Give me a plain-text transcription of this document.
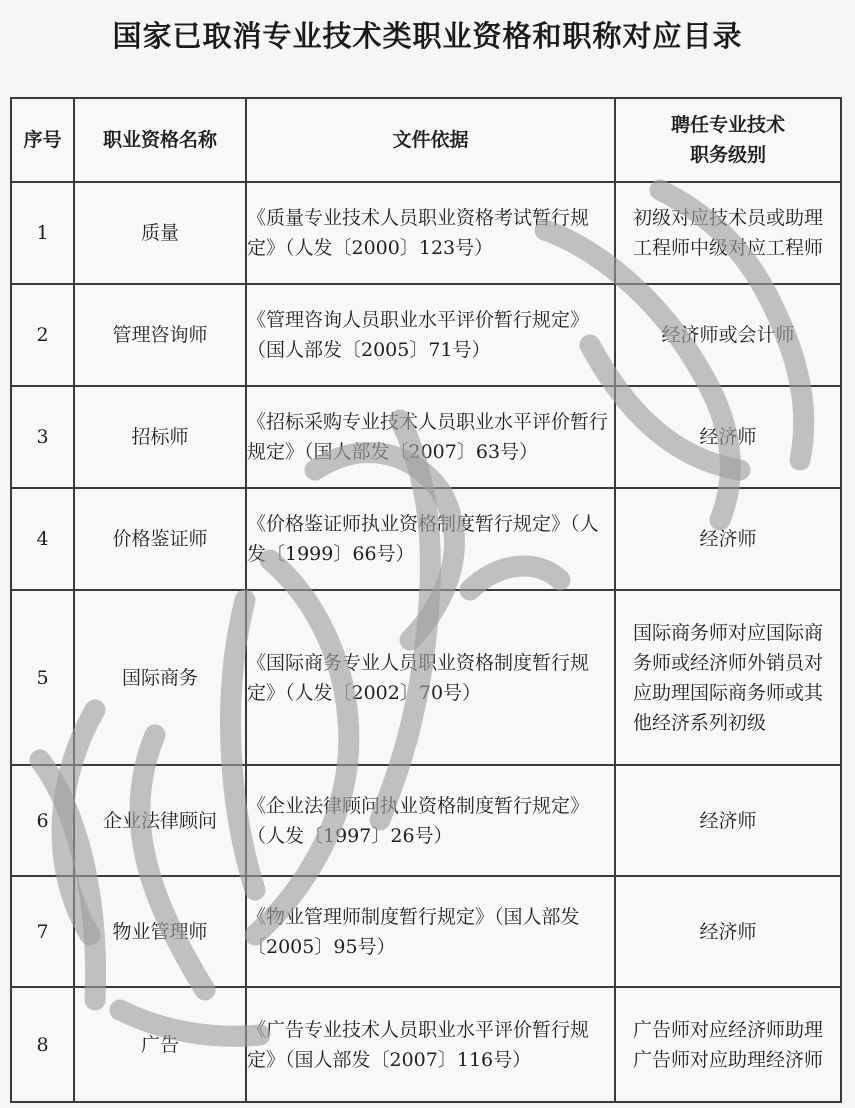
国家已取消专业技术类职业资格和职称对应目录
序号	职业资格名称	文件依据	聘任专业技术职务级别

1	质量	《质量专业技术人员职业资格考试暂行规定》（人发〔2000〕123号）	初级对应技术员或助理工程师中级对应工程师
2	管理咨询师	《管理咨询人员职业水平评价暂行规定》（国人部发〔2005〕71号）	经济师或会计师
3	招标师	《招标采购专业技术人员职业水平评价暂行规定》（国人部发〔2007〕63号）	经济师
4	价格鉴证师	《价格鉴证师执业资格制度暂行规定》（人发〔1999〕66号）	经济师
5	国际商务	《国际商务专业人员职业资格制度暂行规定》（人发〔2002〕70号）	国际商务师对应国际商务师或经济师外销员对应助理国际商务师或其他经济系列初级
6	企业法律顾问	《企业法律顾问执业资格制度暂行规定》（人发〔1997〕26号）	经济师
7	物业管理师	《物业管理师制度暂行规定》（国人部发〔2005〕95号）	经济师
8	广告	《广告专业技术人员职业水平评价暂行规定》（国人部发〔2007〕116号）	广告师对应经济师助理广告师对应助理经济师
